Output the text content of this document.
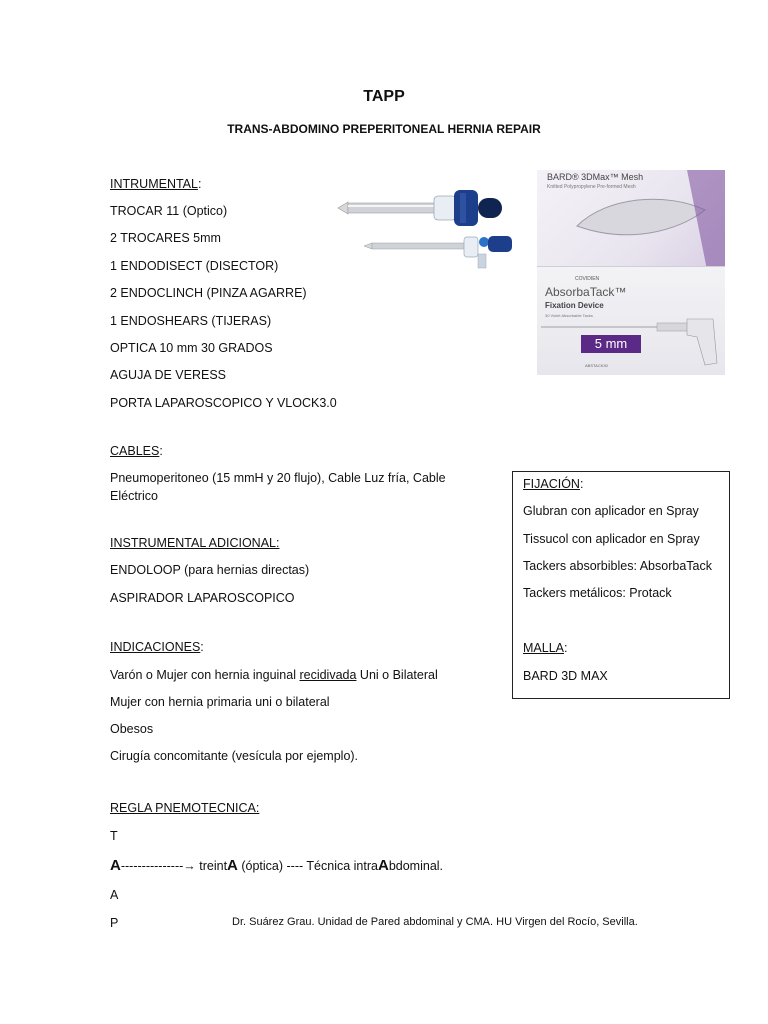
TAPP
TRANS-ABDOMINO PREPERITONEAL HERNIA REPAIR
INTRUMENTAL:
TROCAR 11 (Optico)
2 TROCARES 5mm
1 ENDODISECT (DISECTOR)
2 ENDOCLINCH (PINZA AGARRE)
1 ENDOSHEARS (TIJERAS)
OPTICA 10 mm 30 GRADOS
AGUJA DE VERESS
PORTA LAPAROSCOPICO Y VLOCK3.0
CABLES:
Pneumoperitoneo (15 mmH y 20 flujo), Cable Luz fría, Cable
Eléctrico
INSTRUMENTAL ADICIONAL:
ENDOLOOP (para hernias directas)
ASPIRADOR LAPAROSCOPICO
INDICACIONES:
Varón o Mujer con hernia inguinal recidivada Uni o Bilateral
Mujer con hernia primaria uni o bilateral
Obesos
Cirugía concomitante (vesícula por ejemplo).
REGLA PNEMOTECNICA:
T
A---------------→ treintA (óptica) ---- Técnica intraAbdominal.
A
P	Dr. Suárez Grau. Unidad de Pared abdominal y CMA. HU Virgen del Rocío, Sevilla.
FIJACIÓN:
Glubran con aplicador en Spray
Tissucol con aplicador en Spray
Tackers absorbibles: AbsorbaTack
Tackers metálicos: Protack
MALLA:
BARD 3D MAX
BARD® 3DMax™ Mesh
Knitted Polypropylene Pre-formed Mesh
COVIDIEN
AbsorbaTack™
Fixation Device
30 Violet Absorbable Tacks
5 mm
ABSTACK30
